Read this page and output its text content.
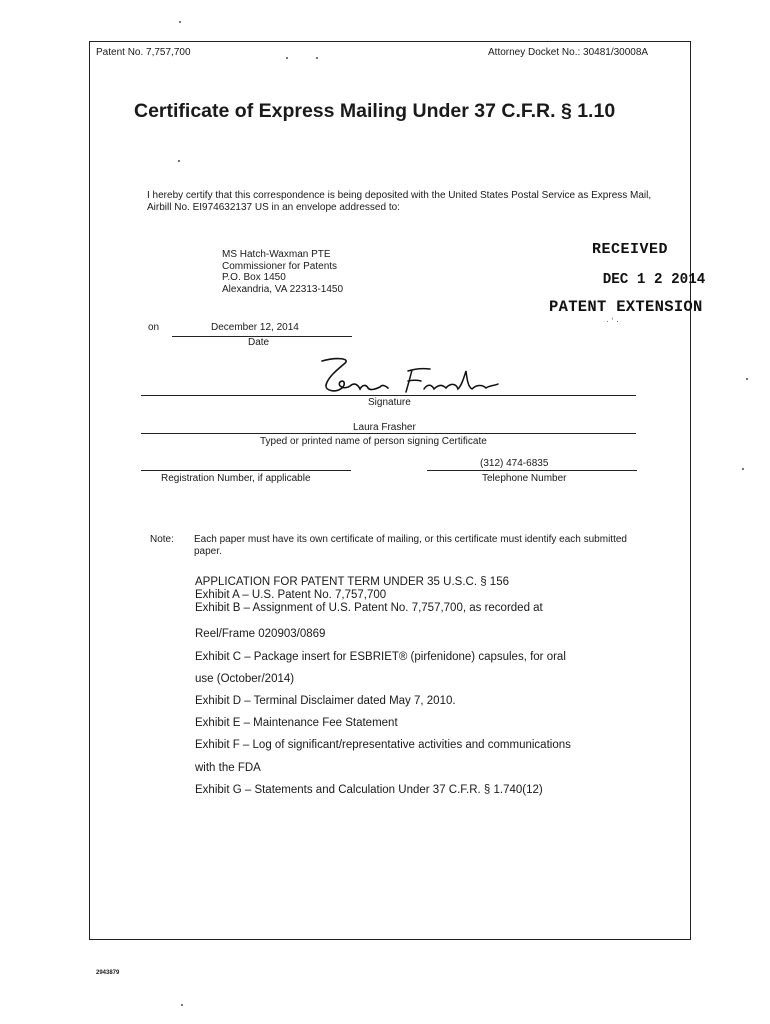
Patent No. 7,757,700	Attorney Docket No.: 30481/30008A
Certificate of Express Mailing Under 37 C.F.R. § 1.10
I hereby certify that this correspondence is being deposited with the United States Postal Service as Express Mail, Airbill No. EI974632137 US in an envelope addressed to:
MS Hatch-Waxman PTE
Commissioner for Patents
P.O. Box 1450
Alexandria, VA 22313-1450
RECEIVED
DEC 1 2 2014
PATENT EXTENSION
· ‘ ·
on	December 12, 2014
Date
Signature
Laura Frasher
Typed or printed name of person signing Certificate
Registration Number, if applicable
(312) 474-6835
Telephone Number
Note: Each paper must have its own certificate of mailing, or this certificate must identify each submitted paper.
APPLICATION FOR PATENT TERM UNDER 35 U.S.C. § 156
Exhibit A – U.S. Patent No. 7,757,700
Exhibit B – Assignment of U.S. Patent No. 7,757,700, as recorded at
Reel/Frame 020903/0869
Exhibit C – Package insert for ESBRIET® (pirfenidone) capsules, for oral
use (October/2014)
Exhibit D – Terminal Disclaimer dated May 7, 2010.
Exhibit E – Maintenance Fee Statement
Exhibit F – Log of significant/representative activities and communications
with the FDA
Exhibit G – Statements and Calculation Under 37 C.F.R. § 1.740(12)
2943879
